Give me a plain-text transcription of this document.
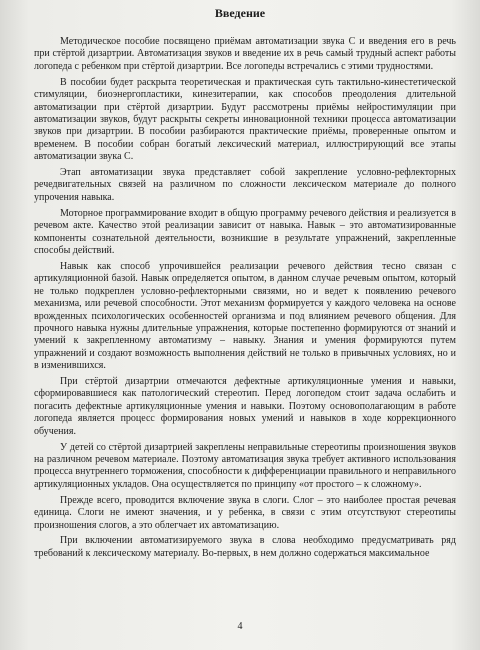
Введение

Методическое пособие посвящено приёмам автоматизации звука С и введения его в речь при стёртой дизартрии. Автоматизация звуков и введение их в речь самый трудный аспект работы логопеда с ребенком при стёртой дизартрии. Все логопеды встречались с этими трудностями.

В пособии будет раскрыта теоретическая и практическая суть тактильно-кинестетической стимуляции, биоэнергопластики, кинезитерапии, как способов преодоления длительной автоматизации при стёртой дизартрии. Будут рассмотрены приёмы нейростимуляции при автоматизации звуков, будут раскрыты секреты инновационной техники процесса автоматизации звуков при дизартрии. В пособии разбираются практические приёмы, проверенные опытом и временем. В пособии собран богатый лексический материал, иллюстрирующий все этапы автоматизации звука С.

Этап автоматизации звука представляет собой закрепление условно-рефлекторных речедвигательных связей на различном по сложности лексическом материале до полного упрочения навыка.

Моторное программирование входит в общую программу речевого действия и реализуется в речевом акте. Качество этой реализации зависит от навыка. Навык – это автоматизированные компоненты сознательной деятельности, возникшие в результате упражнений, закрепленные способы действий.

Навык как способ упрочившейся реализации речевого действия тесно связан с артикуляционной базой. Навык определяется опытом, в данном случае речевым опытом, который не только подкреплен условно-рефлекторными связями, но и ведет к появлению речевого механизма, или речевой способности. Этот механизм формируется у каждого человека на основе врожденных психологических особенностей организма и под влиянием речевого общения. Для прочного навыка нужны длительные упражнения, которые постепенно формируются от знаний и умений к закрепленному автоматизму – навыку. Знания и умения формируются путем упражнений и создают возможность выполнения действий не только в привычных условиях, но и в изменившихся.

При стёртой дизартрии отмечаются дефектные артикуляционные умения и навыки, сформировавшиеся как патологический стереотип. Перед логопедом стоит задача ослабить и погасить дефектные артикуляционные умения и навыки. Поэтому основополагающим в работе логопеда является процесс формирования новых умений и навыков в ходе коррекционного обучения.

У детей со стёртой дизартрией закреплены неправильные стереотипы произношения звуков на различном речевом материале. Поэтому автоматизация звука требует активного использования процесса внутреннего торможения, способности к дифференциации правильного и неправильного артикуляционных укладов. Она осуществляется по принципу «от простого – к сложному».

Прежде всего, проводится включение звука в слоги. Слог – это наиболее простая речевая единица. Слоги не имеют значения, и у ребенка, в связи с этим отсутствуют стереотипы произношения слогов, а это облегчает их автоматизацию.

При включении автоматизируемого звука в слова необходимо предусматривать ряд требований к лексическому материалу. Во-первых, в нем должно содержаться максимальное

4
